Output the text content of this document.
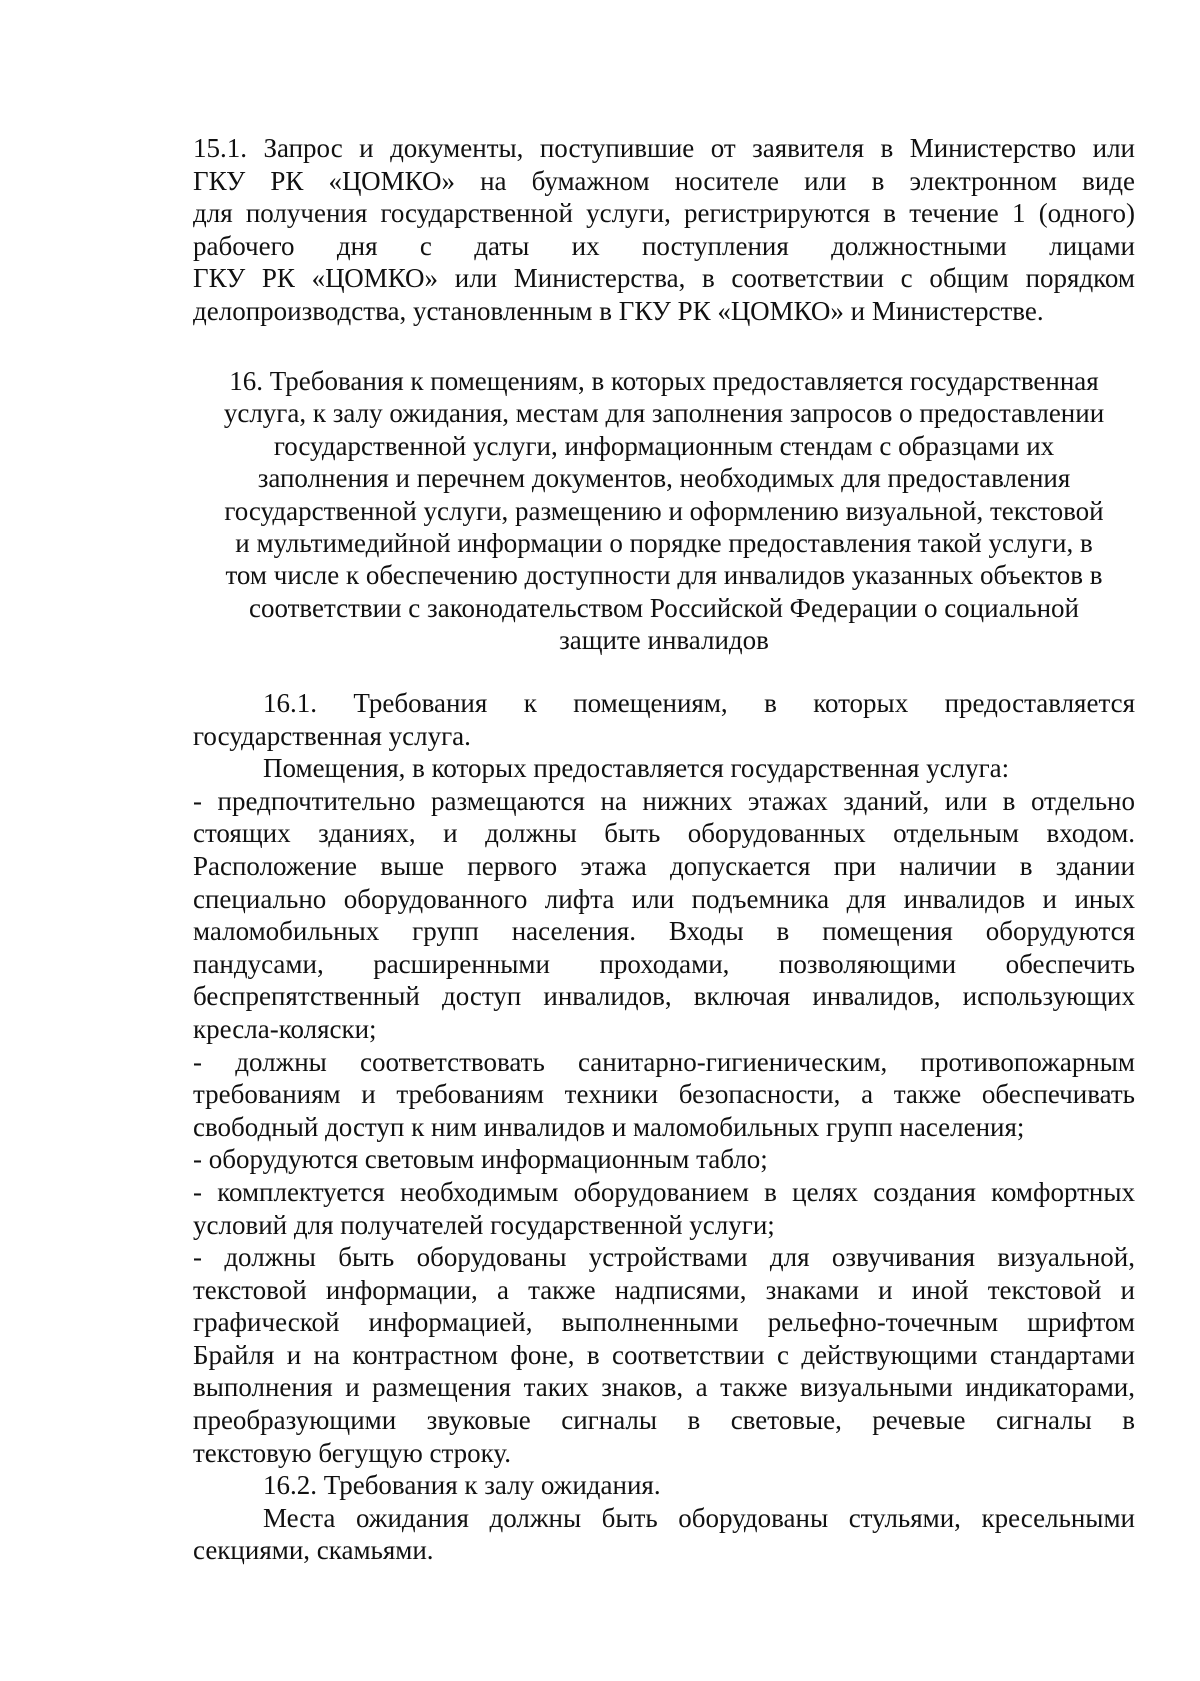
15.1. Запрос и документы, поступившие от заявителя в Министерство или

ГКУ РК «ЦОМКО» на бумажном носителе или в электронном виде

для получения государственной услуги, регистрируются в течение 1 (одного)

рабочего дня с даты их поступления должностными лицами

ГКУ РК «ЦОМКО» или Министерства, в соответствии с общим порядком

делопроизводства, установленным в ГКУ РК «ЦОМКО» и Министерстве.

16. Требования к помещениям, в которых предоставляется государственная

услуга, к залу ожидания, местам для заполнения запросов о предоставлении

государственной услуги, информационным стендам с образцами их

заполнения и перечнем документов, необходимых для предоставления

государственной услуги, размещению и оформлению визуальной, текстовой

и мультимедийной информации о порядке предоставления такой услуги, в

том числе к обеспечению доступности для инвалидов указанных объектов в

соответствии с законодательством Российской Федерации о социальной

защите инвалидов

16.1. Требования к помещениям, в которых предоставляется

государственная услуга.

Помещения, в которых предоставляется государственная услуга:

- предпочтительно размещаются на нижних этажах зданий, или в отдельно

стоящих зданиях, и должны быть оборудованных отдельным входом.

Расположение выше первого этажа допускается при наличии в здании

специально оборудованного лифта или подъемника для инвалидов и иных

маломобильных групп населения. Входы в помещения оборудуются

пандусами, расширенными проходами, позволяющими обеспечить

беспрепятственный доступ инвалидов, включая инвалидов, использующих

кресла-коляски;

- должны соответствовать санитарно-гигиеническим, противопожарным

требованиям и требованиям техники безопасности, а также обеспечивать

свободный доступ к ним инвалидов и маломобильных групп населения;

- оборудуются световым информационным табло;

- комплектуется необходимым оборудованием в целях создания комфортных

условий для получателей государственной услуги;

- должны быть оборудованы устройствами для озвучивания визуальной,

текстовой информации, а также надписями, знаками и иной текстовой и

графической информацией, выполненными рельефно-точечным шрифтом

Брайля и на контрастном фоне, в соответствии с действующими стандартами

выполнения и размещения таких знаков, а также визуальными индикаторами,

преобразующими звуковые сигналы в световые, речевые сигналы в

текстовую бегущую строку.

16.2. Требования к залу ожидания.

Места ожидания должны быть оборудованы стульями, кресельными

секциями, скамьями.
